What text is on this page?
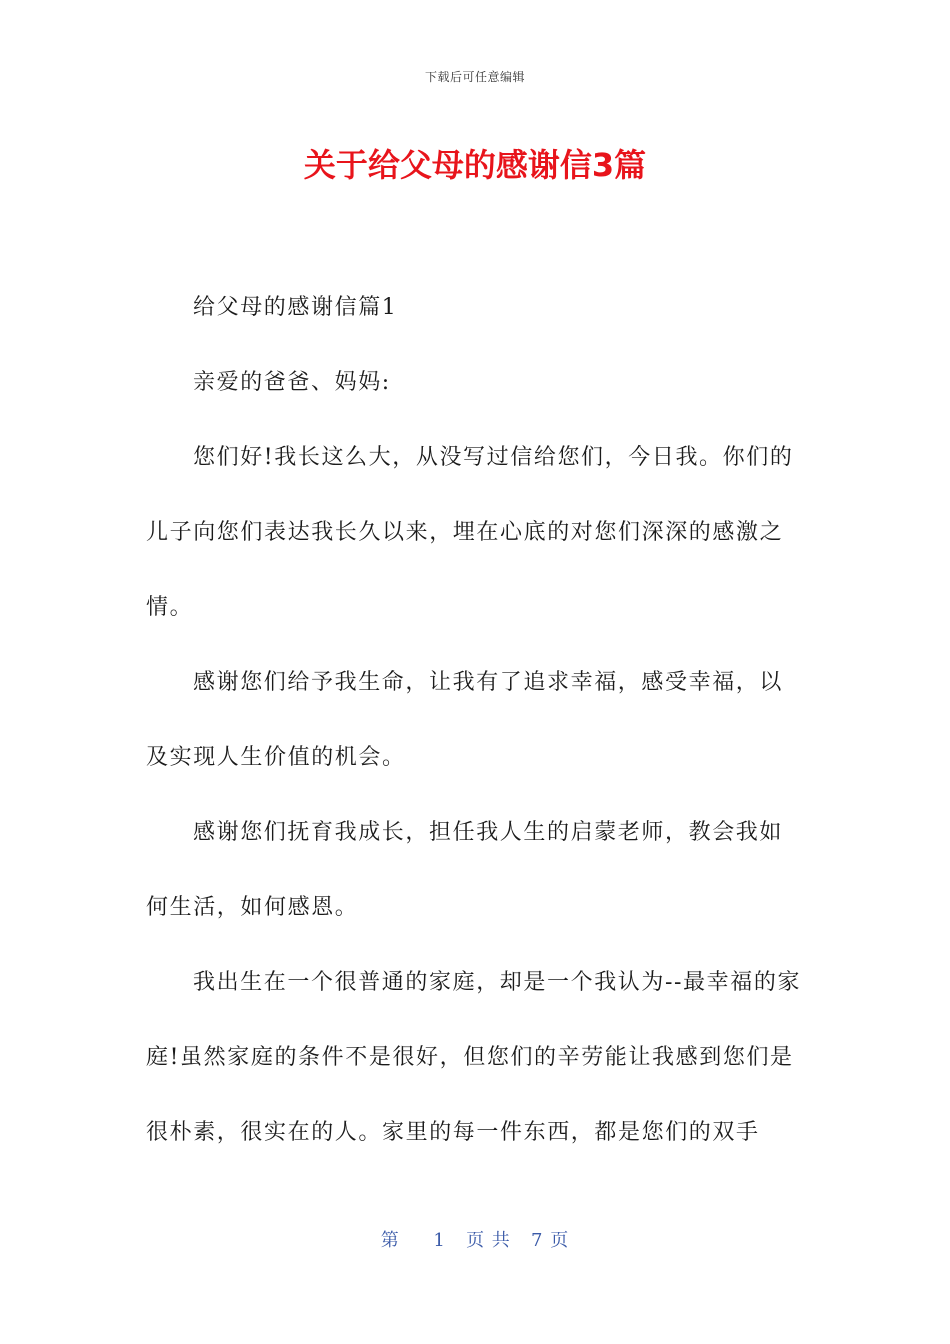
下载后可任意编辑
关于给父母的感谢信3篇

给父母的感谢信篇1

亲爱的爸爸、妈妈:

您们好!我长这么大，从没写过信给您们，今日我。你们的儿子向您们表达我长久以来，埋在心底的对您们深深的感激之情。

感谢您们给予我生命，让我有了追求幸福，感受幸福，以及实现人生价值的机会。

感谢您们抚育我成长，担任我人生的启蒙老师，教会我如何生活，如何感恩。

我出生在一个很普通的家庭，却是一个我认为--最幸福的家庭!虽然家庭的条件不是很好，但您们的辛劳能让我感到您们是很朴素，很实在的人。家里的每一件东西，都是您们的双手

第 1 页 共 7 页
